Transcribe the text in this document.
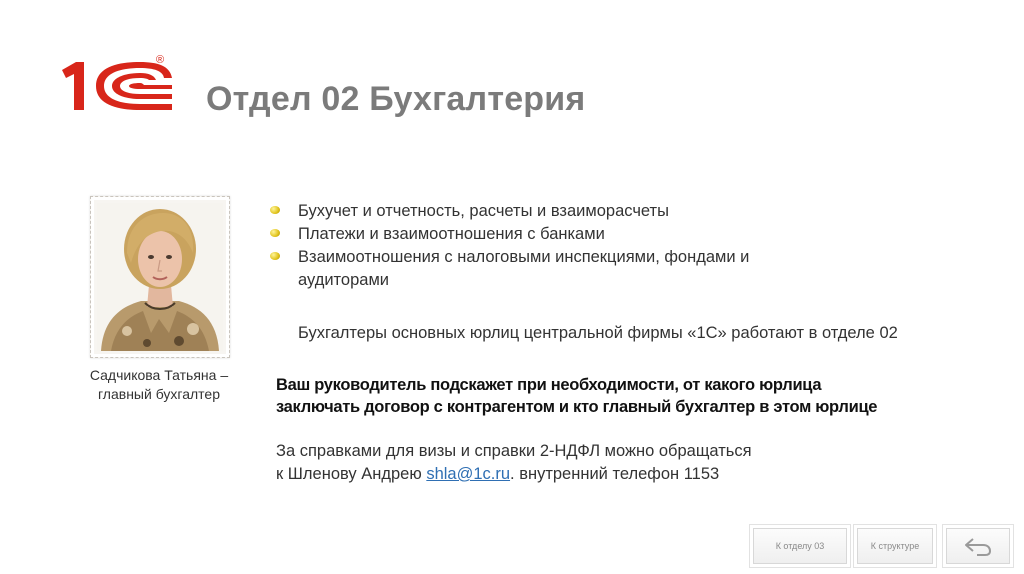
®
Отдел 02 Бухгалтерия
Садчикова Татьяна – главный бухгалтер
Бухучет и отчетность, расчеты и взаиморасчеты
Платежи и взаимоотношения с банками
Взаимоотношения с налоговыми инспекциями, фондами и аудиторами

Бухгалтеры основных юрлиц центральной фирмы «1С» работают в отделе 02

Ваш руководитель подскажет при необходимости, от какого юрлица заключать договор с контрагентом и кто главный бухгалтер в этом юрлице

За справками для визы и справки 2-НДФЛ можно обращаться
к Шленову Андрею shla@1c.ru. внутренний телефон 1153

К отделу 03	К структуре
